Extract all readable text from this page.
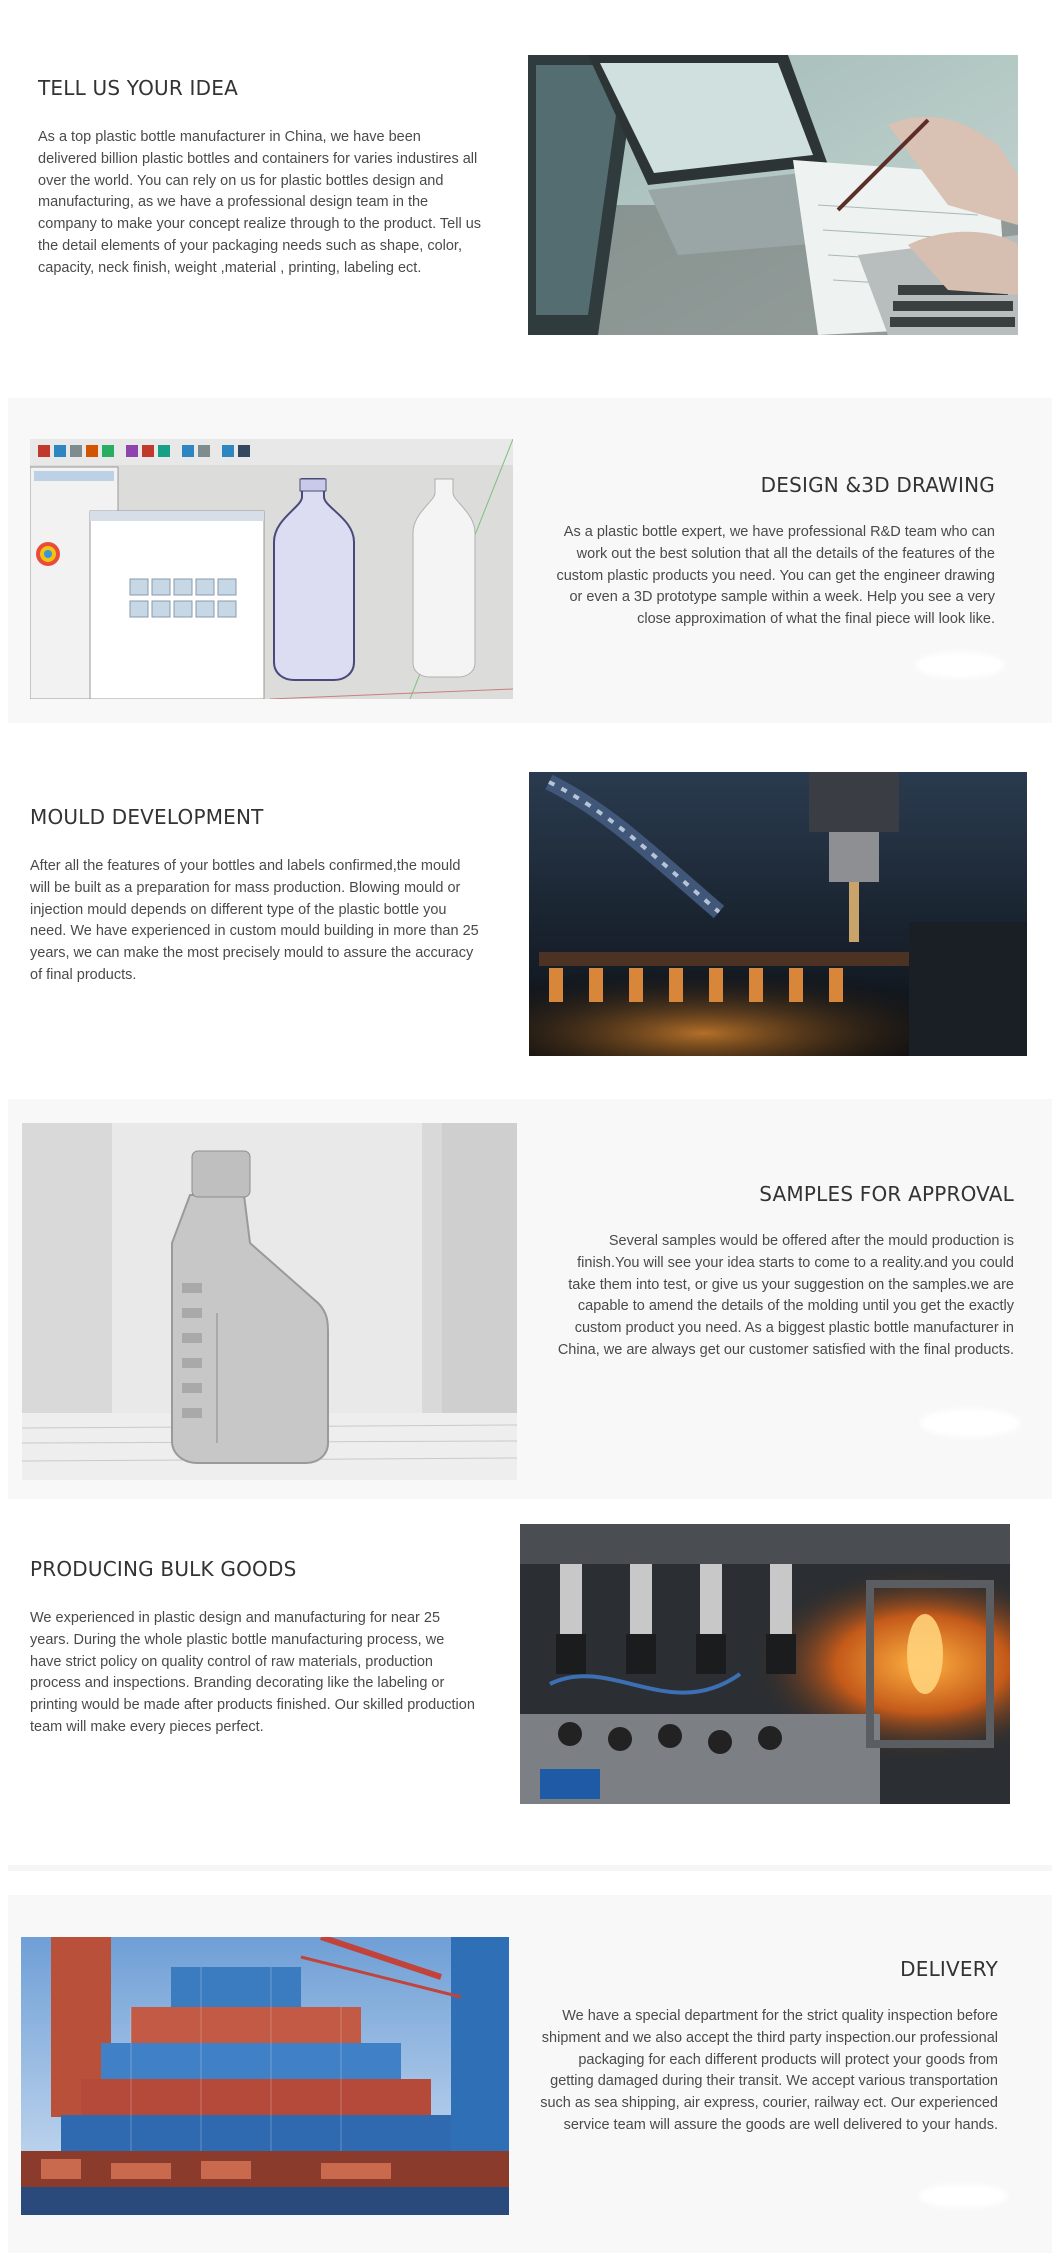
TELL US YOUR IDEA

As a top plastic bottle manufacturer in China, we have been delivered billion plastic bottles and containers for varies industires all over the world. You can rely on us for plastic bottles design and manufacturing, as we have a professional design team in the company to make your concept realize through to the product. Tell us the detail elements of your packaging needs such as shape, color, capacity, neck finish, weight ,material , printing, labeling ect.

DESIGN &3D DRAWING

As a plastic bottle expert, we have professional R&D team who can work out the best solution that all the details of the features of the custom plastic products you need. You can get the engineer drawing or even a 3D prototype sample within a week. Help you see a very close approximation of what the final piece will look like.

MOULD DEVELOPMENT

After all the features of your bottles and labels confirmed,the mould will be built as a preparation for mass production. Blowing mould or injection mould depends on different type of the plastic bottle you need. We have experienced in custom mould building in more than 25 years, we can make the most precisely mould to assure the accuracy of final products.

SAMPLES FOR APPROVAL

Several samples would be offered after the mould production is finish.You will see your idea starts to come to a reality.and you could take them into test, or give us your suggestion on the samples.we are capable to amend the details of the molding until you get the exactly custom product you need. As a biggest plastic bottle manufacturer in China, we are always get our customer satisfied with the final products.

PRODUCING BULK GOODS

We experienced in plastic design and manufacturing for near 25 years. During the whole plastic bottle manufacturing process, we have strict policy on quality control of raw materials, production process and inspections. Branding decorating like the labeling or printing would be made after products finished. Our skilled production team will make every pieces perfect.

DELIVERY

We have a special department for the strict quality inspection before shipment and we also accept the third party inspection.our professional packaging for each different products will protect your goods from getting damaged during their transit. We accept various transportation such as sea shipping, air express, courier, railway ect. Our experienced service team will assure the goods are well delivered to your hands.
